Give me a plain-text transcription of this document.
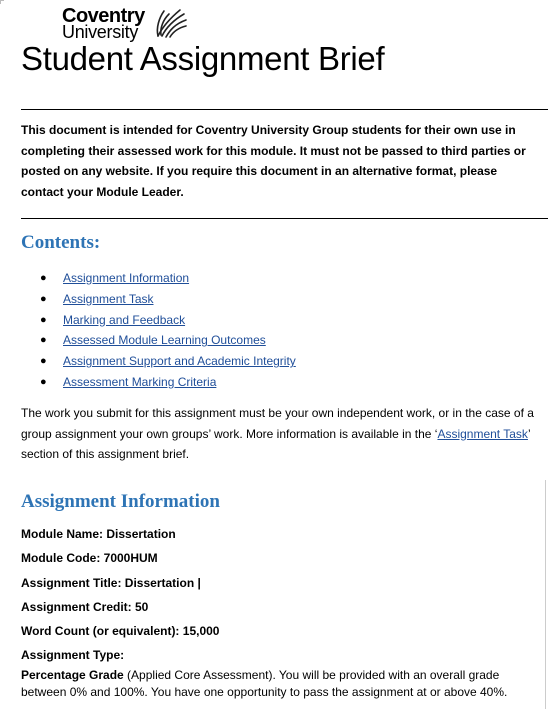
Coventry
University
Student Assignment Brief

This document is intended for Coventry University Group students for their own use in completing their assessed work for this module. It must not be passed to third parties or posted on any website. If you require this document in an alternative format, please contact your Module Leader.

Contents:
● Assignment Information
● Assignment Task
● Marking and Feedback
● Assessed Module Learning Outcomes
● Assignment Support and Academic Integrity
● Assessment Marking Criteria

The work you submit for this assignment must be your own independent work, or in the case of a group assignment your own groups’ work. More information is available in the ‘Assignment Task’ section of this assignment brief.

Assignment Information
Module Name: Dissertation
Module Code: 7000HUM
Assignment Title: Dissertation |
Assignment Credit: 50
Word Count (or equivalent): 15,000
Assignment Type:

Percentage Grade (Applied Core Assessment). You will be provided with an overall grade between 0% and 100%. You have one opportunity to pass the assignment at or above 40%.
